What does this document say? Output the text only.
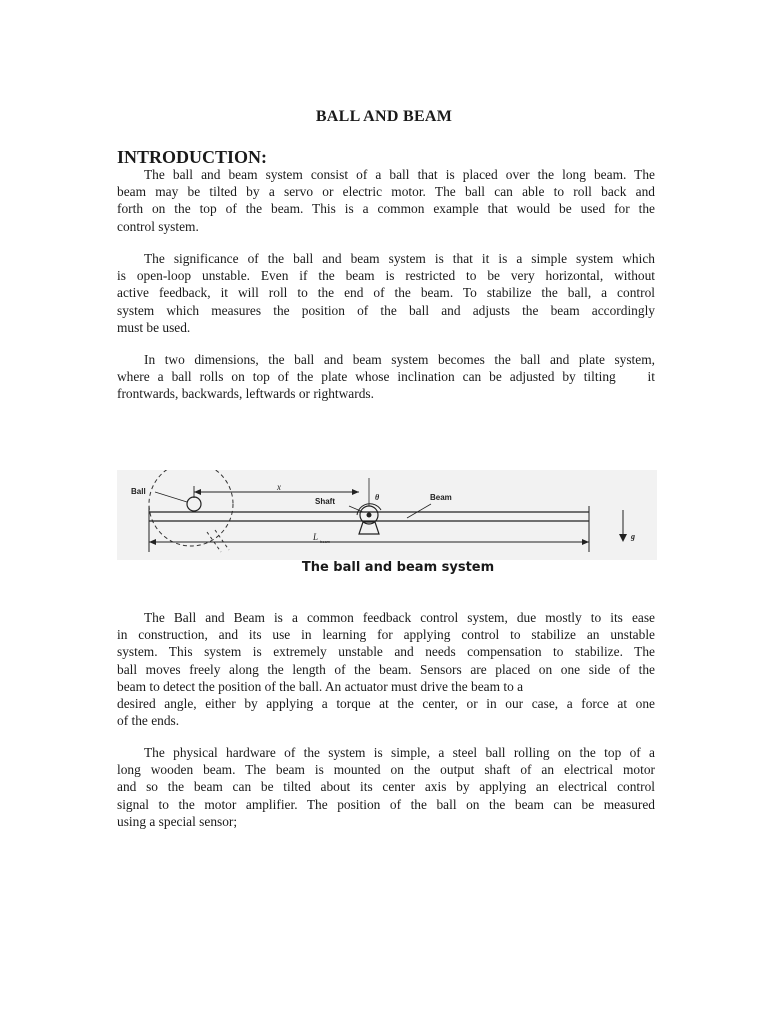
BALL AND BEAM
INTRODUCTION:

The ball and beam system consist of a ball that is placed over the long beam. The
beam may be tilted by a servo or electric motor. The ball can able to roll back and
forth on the top of the beam. This is a common example that would be used for the
control system.

The significance of the ball and beam system is that it is a simple system which
is open-loop unstable. Even if the beam is restricted to be very horizontal, without
active feedback, it will roll to the end of the beam. To stabilize the ball, a control
system which measures the position of the ball and adjusts the beam accordingly
must be used.

In two dimensions, the ball and beam system becomes the ball and plate system,
where a ball rolls on top of the plate whose inclination can be adjusted by tilting    it
frontwards, backwards, leftwards or rightwards.

Ball	x
Shaft	θ	Beam
L beam
g
The ball and beam system

The Ball and Beam is a common feedback control system, due mostly to its ease
in construction, and its use in learning for applying control to stabilize an unstable
system. This system is extremely unstable and needs compensation to stabilize. The
ball moves freely along the length of the beam. Sensors are placed on one side of the
beam to detect the position of the ball. An actuator must drive the beam to a
desired angle, either by applying a torque at the center, or in our case, a force at one
of the ends.

The physical hardware of the system is simple, a steel ball rolling on the top of a
long wooden beam. The beam is mounted on the output shaft of an electrical motor
and so the beam can be tilted about its center axis by applying an electrical control
signal to the motor amplifier. The position of the ball on the beam can be measured
using a special sensor;
